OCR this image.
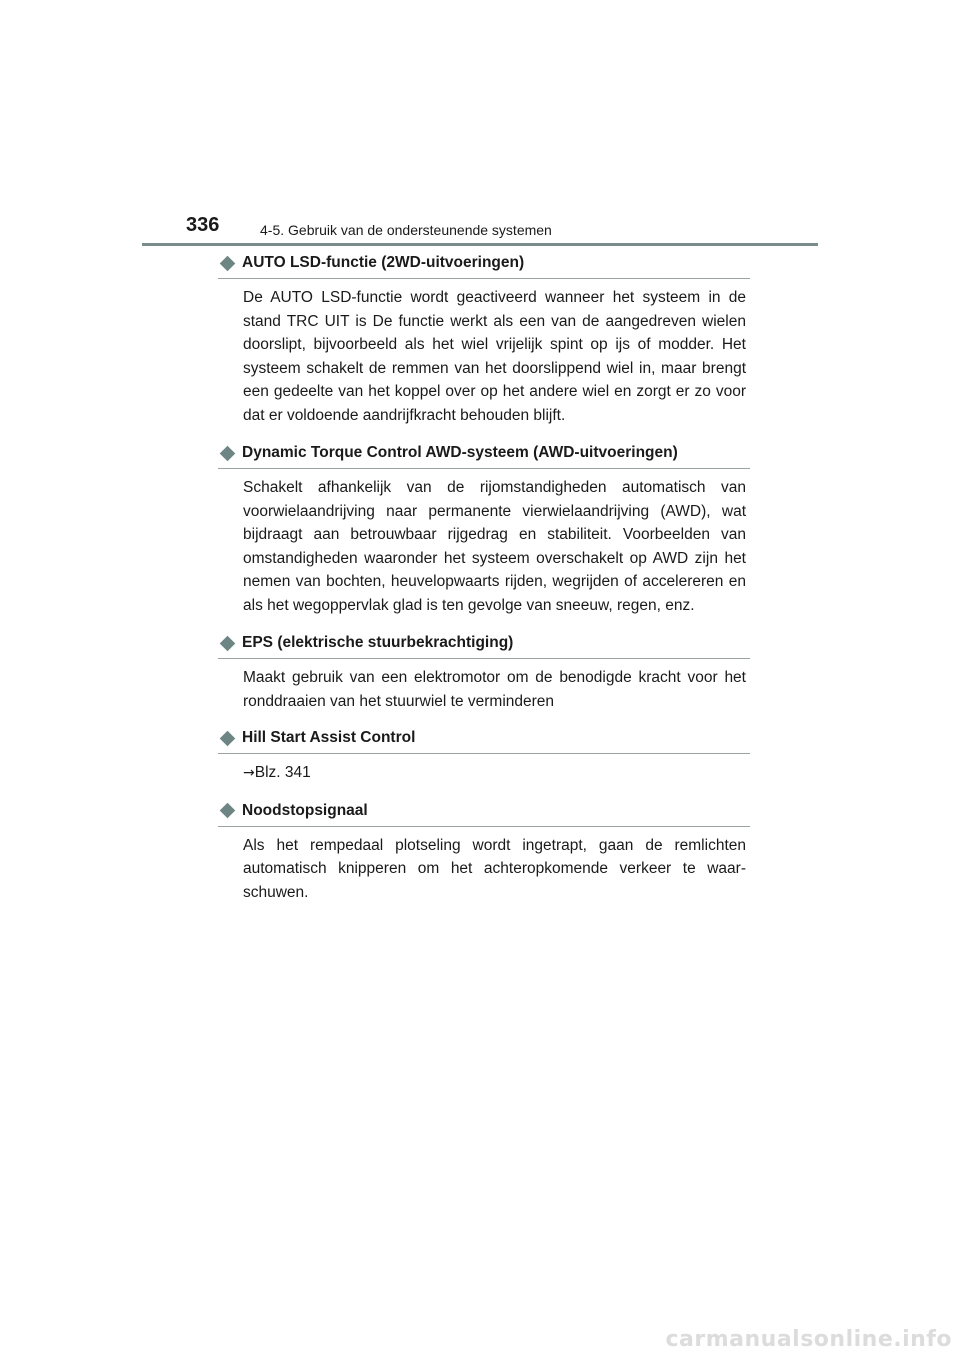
336	4-5. Gebruik van de ondersteunende systemen
AUTO LSD-functie (2WD-uitvoeringen)

De AUTO LSD-functie wordt geactiveerd wanneer het systeem in de stand TRC UIT is De functie werkt als een van de aangedreven wielen doorslipt, bijvoorbeeld als het wiel vrijelijk spint op ijs of modder. Het systeem schakelt de remmen van het doorslippend wiel in, maar brengt een gedeelte van het koppel over op het andere wiel en zorgt er zo voor dat er voldoende aandrijfkracht behouden blijft.

Dynamic Torque Control AWD-systeem (AWD-uitvoeringen)

Schakelt afhankelijk van de rijomstandigheden automatisch van voorwielaandrijving naar permanente vierwielaandrijving (AWD), wat bijdraagt aan betrouwbaar rijgedrag en stabiliteit. Voorbeelden van omstandigheden waaronder het systeem overschakelt op AWD zijn het nemen van bochten, heuvelopwaarts rijden, wegrijden of accelereren en als het wegoppervlak glad is ten gevolge van sneeuw, regen, enz.

EPS (elektrische stuurbekrachtiging)

Maakt gebruik van een elektromotor om de benodigde kracht voor het ronddraaien van het stuurwiel te verminderen

Hill Start Assist Control

→Blz. 341

Noodstopsignaal

Als het rempedaal plotseling wordt ingetrapt, gaan de remlichten automatisch knipperen om het achteropkomende verkeer te waar-schuwen.

carmanualsonline.info
